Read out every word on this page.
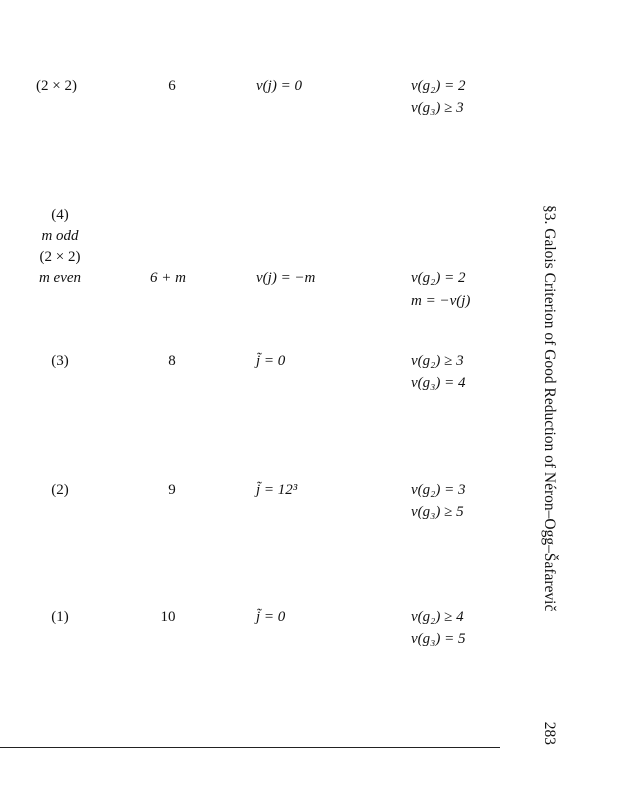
(2 × 2)	6	v(j) = 0	v(g₂) = 2
v(g₃) ≥ 3
(4)
m odd
(2 × 2)
m even	6 + m	v(j) = −m	v(g₂) = 2
m = −v(j)
(3)	8	j̃ = 0	v(g₂) ≥ 3
v(g₃) = 4
(2)	9	j̃ = 12³	v(g₂) = 3
v(g₃) ≥ 5
(1)	10	j̃ = 0	v(g₂) ≥ 4
v(g₃) = 5
§3. Galois Criterion of Good Reduction of Néron–Ogg–Šafarevič
283
